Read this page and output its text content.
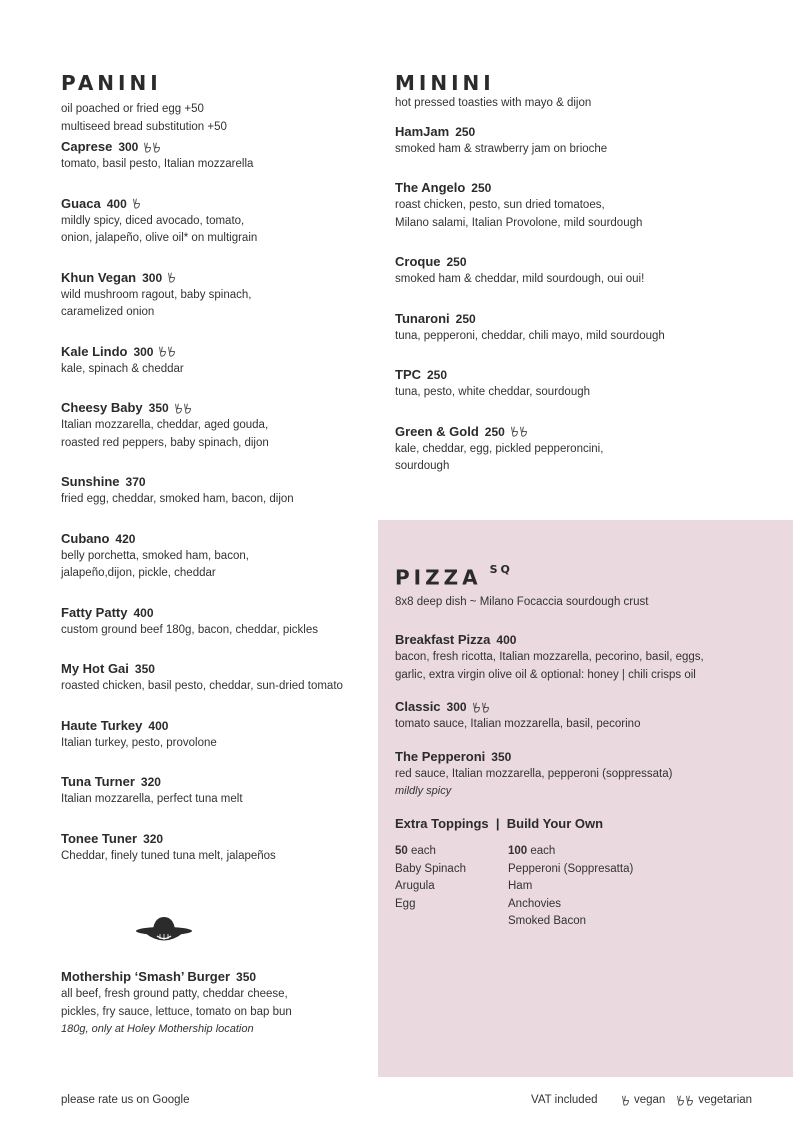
PANINI
oil poached or fried egg +50
multiseed bread substitution +50
Caprese 300
tomato, basil pesto, Italian mozzarella
Guaca 400
mildly spicy, diced avocado, tomato,
onion, jalapeño, olive oil* on multigrain
Khun Vegan 300
wild mushroom ragout, baby spinach,
caramelized onion
Kale Lindo 300
kale, spinach & cheddar
Cheesy Baby 350
Italian mozzarella, cheddar, aged gouda,
roasted red peppers, baby spinach, dijon
Sunshine 370
fried egg, cheddar, smoked ham, bacon, dijon
Cubano 420
belly porchetta, smoked ham, bacon,
jalapeño,dijon, pickle, cheddar
Fatty Patty 400
custom ground beef 180g, bacon, cheddar, pickles
My Hot Gai 350
roasted chicken, basil pesto, cheddar, sun-dried tomato
Haute Turkey 400
Italian turkey, pesto, provolone
Tuna Turner 320
Italian mozzarella, perfect tuna melt
Tonee Tuner 320
Cheddar, finely tuned tuna melt, jalapeños
Mothership ‘Smash’ Burger 350
all beef, fresh ground patty, cheddar cheese,
pickles, fry sauce, lettuce, tomato on bap bun
180g, only at Holey Mothership location
MININI
hot pressed toasties with mayo & dijon
HamJam 250
smoked ham & strawberry jam on brioche
The Angelo 250
roast chicken, pesto, sun dried tomatoes,
Milano salami, Italian Provolone, mild sourdough
Croque 250
smoked ham & cheddar, mild sourdough, oui oui!
Tunaroni 250
tuna, pepperoni, cheddar, chili mayo, mild sourdough
TPC 250
tuna, pesto, white cheddar, sourdough
Green & Gold 250
kale, cheddar, egg, pickled pepperoncini,
sourdough
PIZZA $^{SQ}$
8x8 deep dish ~ Milano Focaccia sourdough crust
Breakfast Pizza 400
bacon, fresh ricotta, Italian mozzarella, pecorino, basil, eggs,
garlic, extra virgin olive oil & optional: honey | chili crisps oil
Classic 300
tomato sauce, Italian mozzarella, basil, pecorino
The Pepperoni 350
red sauce, Italian mozzarella, pepperoni (soppressata)
mildly spicy
Extra Toppings  |  Build Your Own
50 each
Baby Spinach
Arugula
Egg
100 each
Pepperoni (Soppresatta)
Ham
Anchovies
Smoked Bacon
please rate us on Google	VAT included	vegan	vegetarian
